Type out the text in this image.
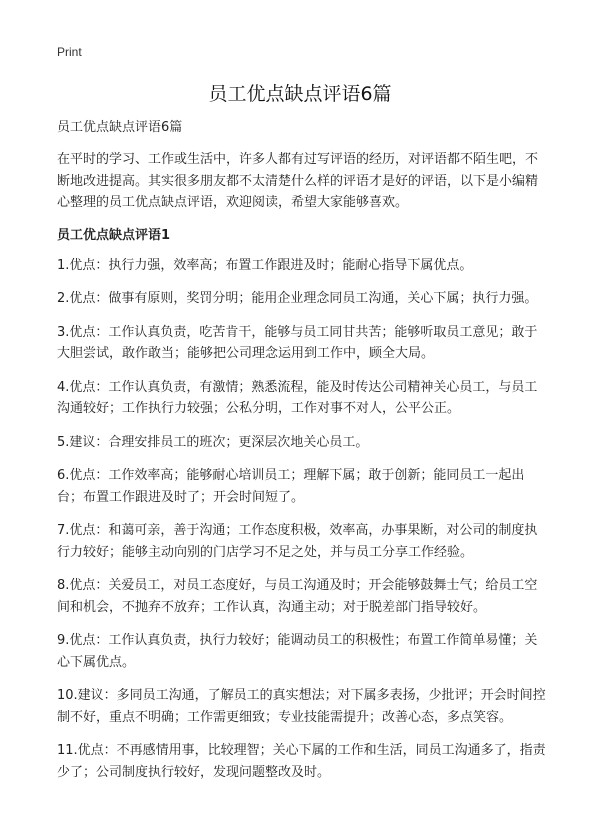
Print

员工优点缺点评语6篇

员工优点缺点评语6篇

在平时的学习、工作或生活中，许多人都有过写评语的经历，对评语都不陌生吧，不断地改进提高。其实很多朋友都不太清楚什么样的评语才是好的评语，以下是小编精心整理的员工优点缺点评语，欢迎阅读，希望大家能够喜欢。

员工优点缺点评语1

1.优点：执行力强，效率高；布置工作跟进及时；能耐心指导下属优点。

2.优点：做事有原则，奖罚分明；能用企业理念同员工沟通，关心下属；执行力强。

3.优点：工作认真负责，吃苦肯干，能够与员工同甘共苦；能够听取员工意见；敢于大胆尝试，敢作敢当；能够把公司理念运用到工作中，顾全大局。

4.优点：工作认真负责，有激情；熟悉流程，能及时传达公司精神关心员工，与员工沟通较好；工作执行力较强；公私分明，工作对事不对人，公平公正。

5.建议：合理安排员工的班次；更深层次地关心员工。

6.优点：工作效率高；能够耐心培训员工；理解下属；敢于创新；能同员工一起出台；布置工作跟进及时了；开会时间短了。

7.优点：和蔼可亲，善于沟通；工作态度积极，效率高，办事果断，对公司的制度执行力较好；能够主动向别的门店学习不足之处，并与员工分享工作经验。

8.优点：关爱员工，对员工态度好，与员工沟通及时；开会能够鼓舞士气；给员工空间和机会，不抛弃不放弃；工作认真，沟通主动；对于脱差部门指导较好。

9.优点：工作认真负责，执行力较好；能调动员工的积极性；布置工作简单易懂；关心下属优点。

10.建议：多同员工沟通，了解员工的真实想法；对下属多表扬，少批评；开会时间控制不好，重点不明确；工作需更细致；专业技能需提升；改善心态，多点笑容。

11.优点：不再感情用事，比较理智；关心下属的工作和生活，同员工沟通多了，指责少了；公司制度执行较好，发现问题整改及时。
